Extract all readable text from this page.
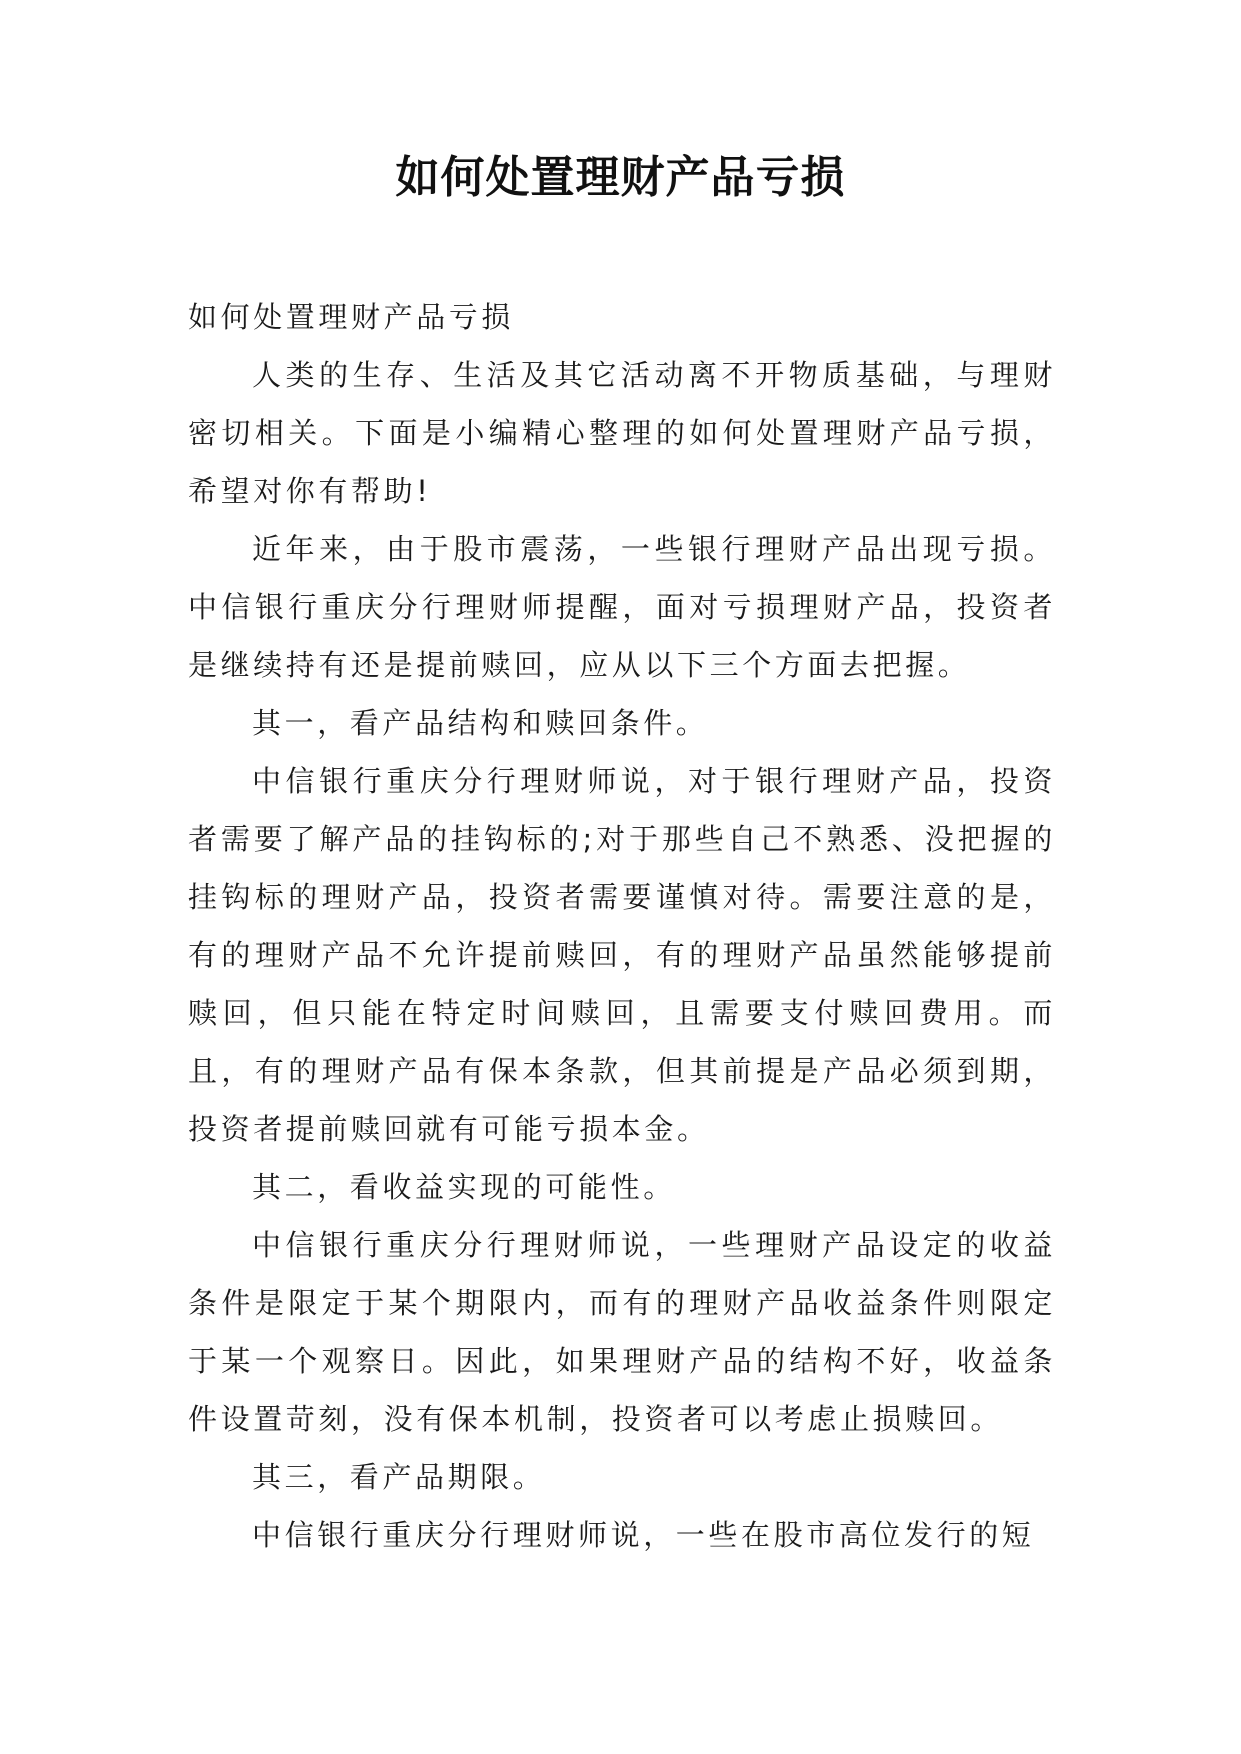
如何处置理财产品亏损

如何处置理财产品亏损

人类的生存、生活及其它活动离不开物质基础，与理财密切相关。下面是小编精心整理的如何处置理财产品亏损，希望对你有帮助!

近年来，由于股市震荡，一些银行理财产品出现亏损。中信银行重庆分行理财师提醒，面对亏损理财产品，投资者是继续持有还是提前赎回，应从以下三个方面去把握。

其一，看产品结构和赎回条件。

中信银行重庆分行理财师说，对于银行理财产品，投资者需要了解产品的挂钩标的;对于那些自己不熟悉、没把握的挂钩标的理财产品，投资者需要谨慎对待。需要注意的是，有的理财产品不允许提前赎回，有的理财产品虽然能够提前赎回，但只能在特定时间赎回，且需要支付赎回费用。而且，有的理财产品有保本条款，但其前提是产品必须到期，投资者提前赎回就有可能亏损本金。

其二，看收益实现的可能性。

中信银行重庆分行理财师说，一些理财产品设定的收益条件是限定于某个期限内，而有的理财产品收益条件则限定于某一个观察日。因此，如果理财产品的结构不好，收益条件设置苛刻，没有保本机制，投资者可以考虑止损赎回。

其三，看产品期限。

中信银行重庆分行理财师说，一些在股市高位发行的短
